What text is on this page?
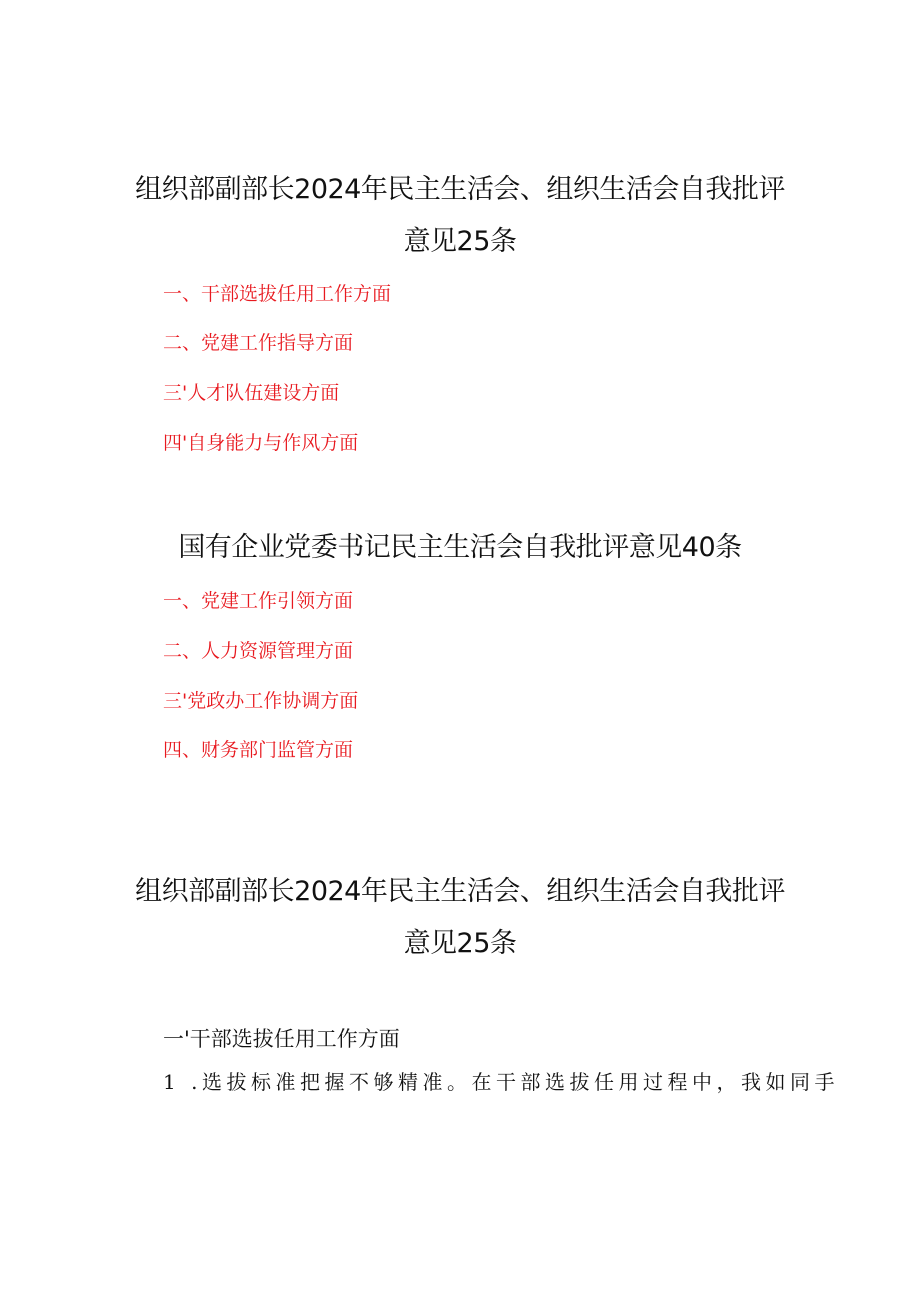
组织部副部长2024年民主生活会、组织生活会自我批评
意见25条
一、干部选拔任用工作方面
二、党建工作指导方面
三'人才队伍建设方面
四'自身能力与作风方面
国有企业党委书记民主生活会自我批评意见40条
一、党建工作引领方面
二、人力资源管理方面
三'党政办工作协调方面
四、财务部门监管方面
组织部副部长2024年民主生活会、组织生活会自我批评
意见25条
一'干部选拔任用工作方面
1 .选拔标准把握不够精准。在干部选拔任用过程中，我如同手
